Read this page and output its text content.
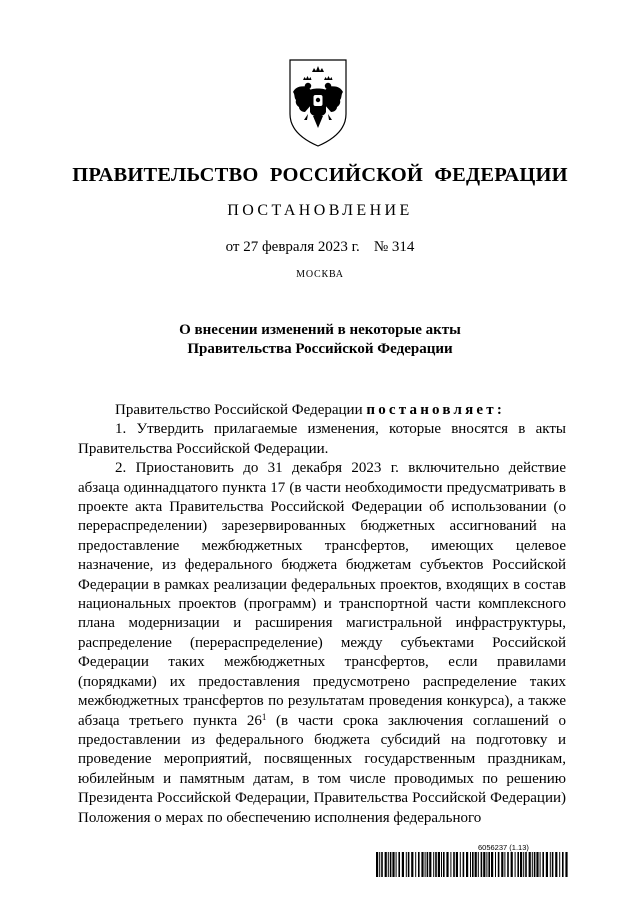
ПРАВИТЕЛЬСТВО РОССИЙСКОЙ ФЕДЕРАЦИИ
ПОСТАНОВЛЕНИЕ
от 27 февраля 2023 г. № 314
МОСКВА
О внесении изменений в некоторые акты
Правительства Российской Федерации

Правительство Российской Федерации постановляет:

1. Утвердить прилагаемые изменения, которые вносятся в акты Правительства Российской Федерации.

2. Приостановить до 31 декабря 2023 г. включительно действие абзаца одиннадцатого пункта 17 (в части необходимости предусматривать в проекте акта Правительства Российской Федерации об использовании (о перераспределении) зарезервированных бюджетных ассигнований на предоставление межбюджетных трансфертов, имеющих целевое назначение, из федерального бюджета бюджетам субъектов Российской Федерации в рамках реализации федеральных проектов, входящих в состав национальных проектов (программ) и транспортной части комплексного плана модернизации и расширения магистральной инфраструктуры, распределение (перераспределение) между субъектами Российской Федерации таких межбюджетных трансфертов, если правилами (порядками) их предоставления предусмотрено распределение таких межбюджетных трансфертов по результатам проведения конкурса), а также абзаца третьего пункта $26^1$ (в части срока заключения соглашений о предоставлении из федерального бюджета субсидий на подготовку и проведение мероприятий, посвященных государственным праздникам, юбилейным и памятным датам, в том числе проводимых по решению Президента Российской Федерации, Правительства Российской Федерации) Положения о мерах по обеспечению исполнения федерального

6056237 (1.13)
